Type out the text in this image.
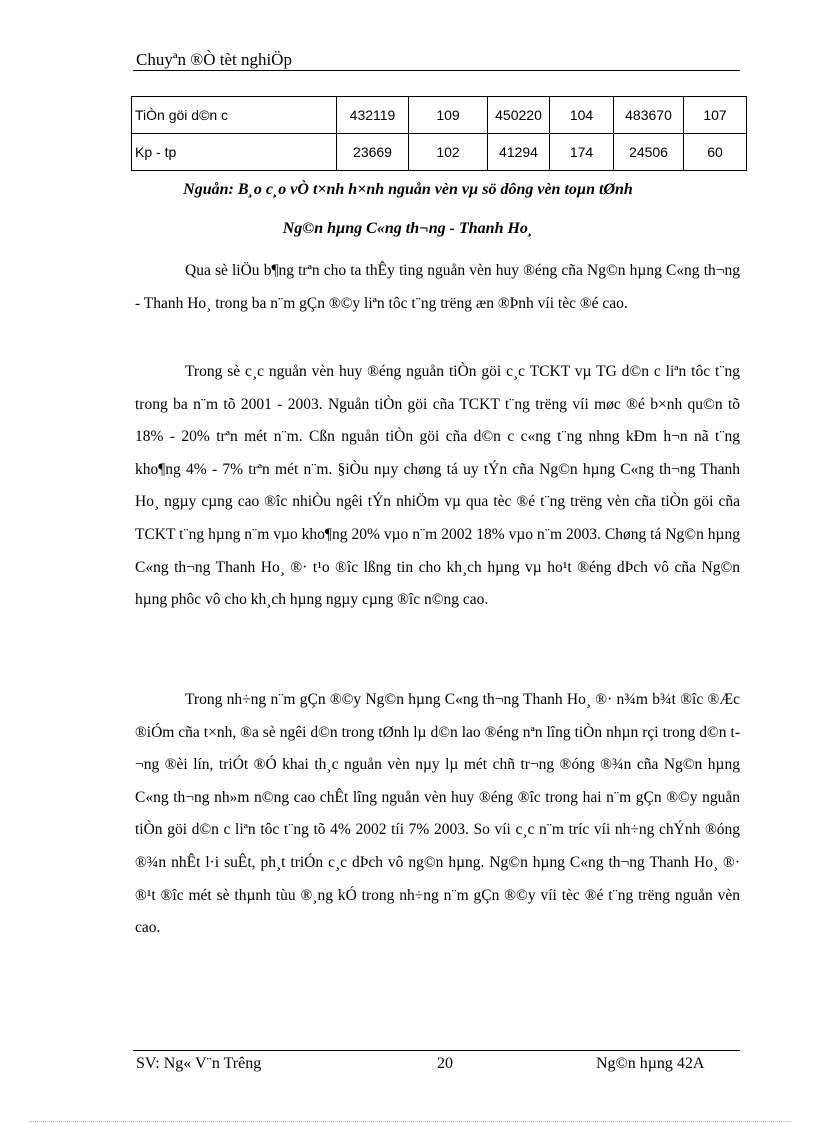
Chuyªn ®Ò tèt nghiÖp
TiÒn göi d©n c	432119	109	450220	104	483670	107
Kp - tp	23669	102	41294	174	24506	60
Nguån: B¸o c¸o vÒ t×nh h×nh nguån vèn vµ sö dông vèn toµn tØnh
Ng©n hµng C«ng th¬ng - Thanh Ho¸

Qua sè liÖu b¶ng trªn cho ta thÊy ting nguån vèn huy ®éng cña Ng©n hµng C«ng th¬ng - Thanh Ho¸ trong ba n¨m gÇn ®©y liªn tôc t¨ng trëng æn ®Þnh víi tèc ®é cao.

Trong sè c¸c nguån vèn huy ®éng nguån tiÒn göi c¸c TCKT vµ TG d©n c liªn tôc t¨ng trong ba n¨m tõ 2001 - 2003. Nguån tiÒn göi cña TCKT t¨ng trëng víi møc ®é b×nh qu©n tõ 18% - 20% trªn mét n¨m. Cßn nguån tiÒn göi cña d©n c c«ng t¨ng nhng kÐm h¬n nã t¨ng kho¶ng 4% - 7% trªn mét n¨m. §iÒu nµy chøng tá uy tÝn cña Ng©n hµng C«ng th¬ng Thanh Ho¸ ngµy cµng cao ®îc nhiÒu ngêi tÝn nhiÖm vµ qua tèc ®é t¨ng trëng vèn cña tiÒn göi cña TCKT t¨ng hµng n¨m vµo kho¶ng 20% vµo n¨m 2002 18% vµo n¨m 2003. Chøng tá Ng©n hµng C«ng th¬ng Thanh Ho¸ ®· t¹o ®îc lßng tin cho kh¸ch hµng vµ ho¹t ®éng dÞch vô cña Ng©n hµng phôc vô cho kh¸ch hµng ngµy cµng ®îc n©ng cao.

Trong nh÷ng n¨m gÇn ®©y Ng©n hµng C«ng th¬ng Thanh Ho¸ ®· n¾m b¾t ®îc ®Æc ®iÓm cña t×nh, ®a sè ngêi d©n trong tØnh lµ d©n lao ®éng nªn lîng tiÒn nhµn rçi trong d©n t¬ng ®èi lín, triÓt ®Ó khai th¸c nguån vèn nµy lµ mét chñ tr¬ng ®óng ®¾n cña Ng©n hµng C«ng th¬ng nh»m n©ng cao chÊt lîng nguån vèn huy ®éng ®îc trong hai n¨m gÇn ®©y nguån tiÒn göi d©n c liªn tôc t¨ng tõ 4% 2002 tíi 7% 2003. So víi c¸c n¨m tríc víi nh÷ng chÝnh ®óng ®¾n nhÊt l·i suÊt, ph¸t triÓn c¸c dÞch vô ng©n hµng. Ng©n hµng C«ng th¬ng Thanh Ho¸ ®· ®¹t ®îc mét sè thµnh tùu ®¸ng kÓ trong nh÷ng n¨m gÇn ®©y víi tèc ®é t¨ng trëng nguån vèn cao.

SV: Ng« V¨n Trêng	20	Ng©n hµng 42A
